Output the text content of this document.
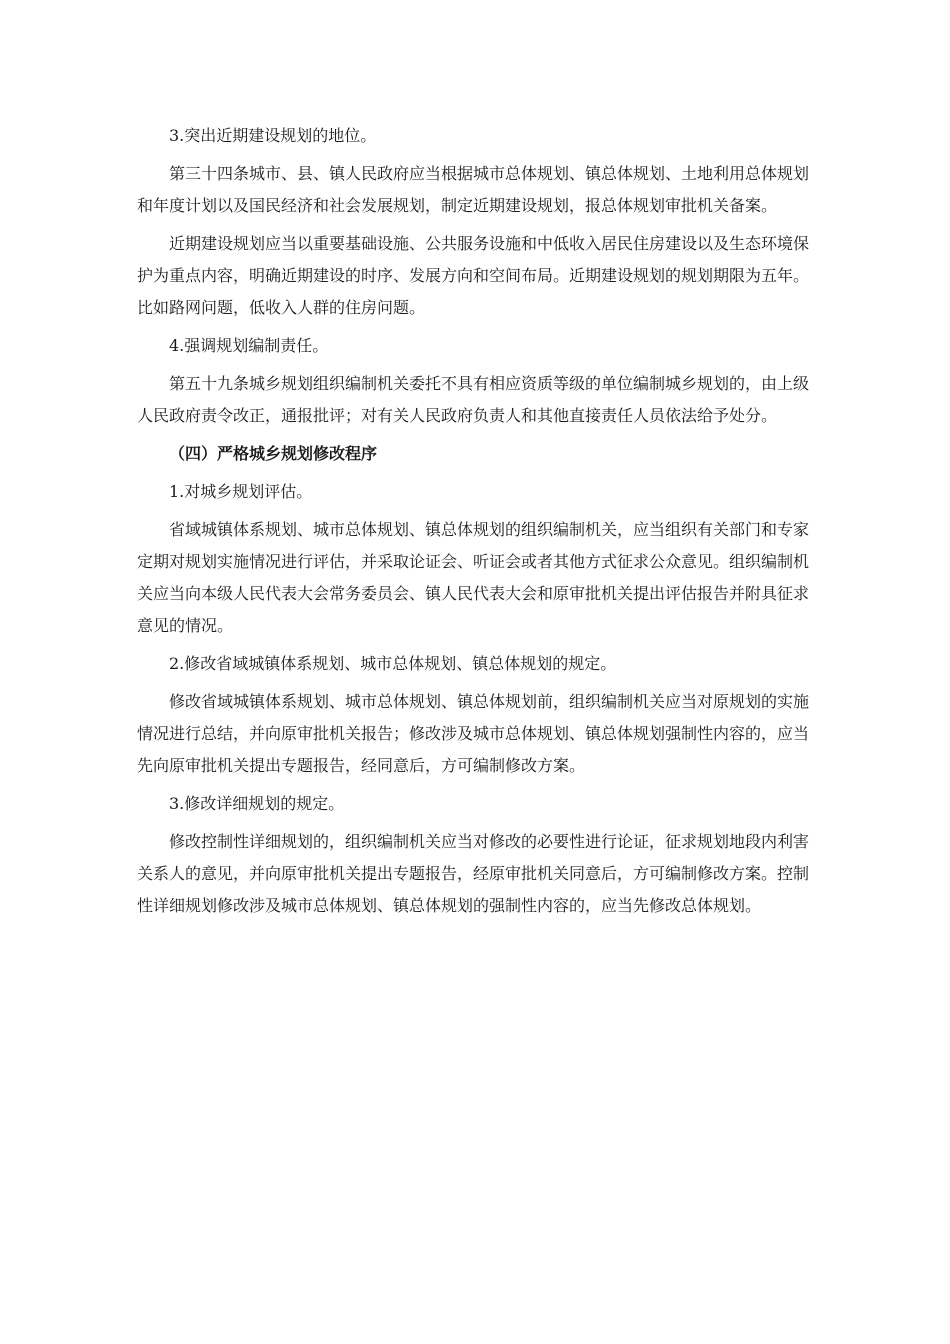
3.突出近期建设规划的地位。

第三十四条城市、县、镇人民政府应当根据城市总体规划、镇总体规划、土地利用总体规划和年度计划以及国民经济和社会发展规划，制定近期建设规划，报总体规划审批机关备案。

近期建设规划应当以重要基础设施、公共服务设施和中低收入居民住房建设以及生态环境保护为重点内容，明确近期建设的时序、发展方向和空间布局。近期建设规划的规划期限为五年。比如路网问题，低收入人群的住房问题。

4.强调规划编制责任。

第五十九条城乡规划组织编制机关委托不具有相应资质等级的单位编制城乡规划的，由上级人民政府责令改正，通报批评；对有关人民政府负责人和其他直接责任人员依法给予处分。

（四）严格城乡规划修改程序

1.对城乡规划评估。

省域城镇体系规划、城市总体规划、镇总体规划的组织编制机关，应当组织有关部门和专家定期对规划实施情况进行评估，并采取论证会、听证会或者其他方式征求公众意见。组织编制机关应当向本级人民代表大会常务委员会、镇人民代表大会和原审批机关提出评估报告并附具征求意见的情况。

2.修改省域城镇体系规划、城市总体规划、镇总体规划的规定。

修改省域城镇体系规划、城市总体规划、镇总体规划前，组织编制机关应当对原规划的实施情况进行总结，并向原审批机关报告；修改涉及城市总体规划、镇总体规划强制性内容的，应当先向原审批机关提出专题报告，经同意后，方可编制修改方案。

3.修改详细规划的规定。

修改控制性详细规划的，组织编制机关应当对修改的必要性进行论证，征求规划地段内利害关系人的意见，并向原审批机关提出专题报告，经原审批机关同意后，方可编制修改方案。控制性详细规划修改涉及城市总体规划、镇总体规划的强制性内容的，应当先修改总体规划。
